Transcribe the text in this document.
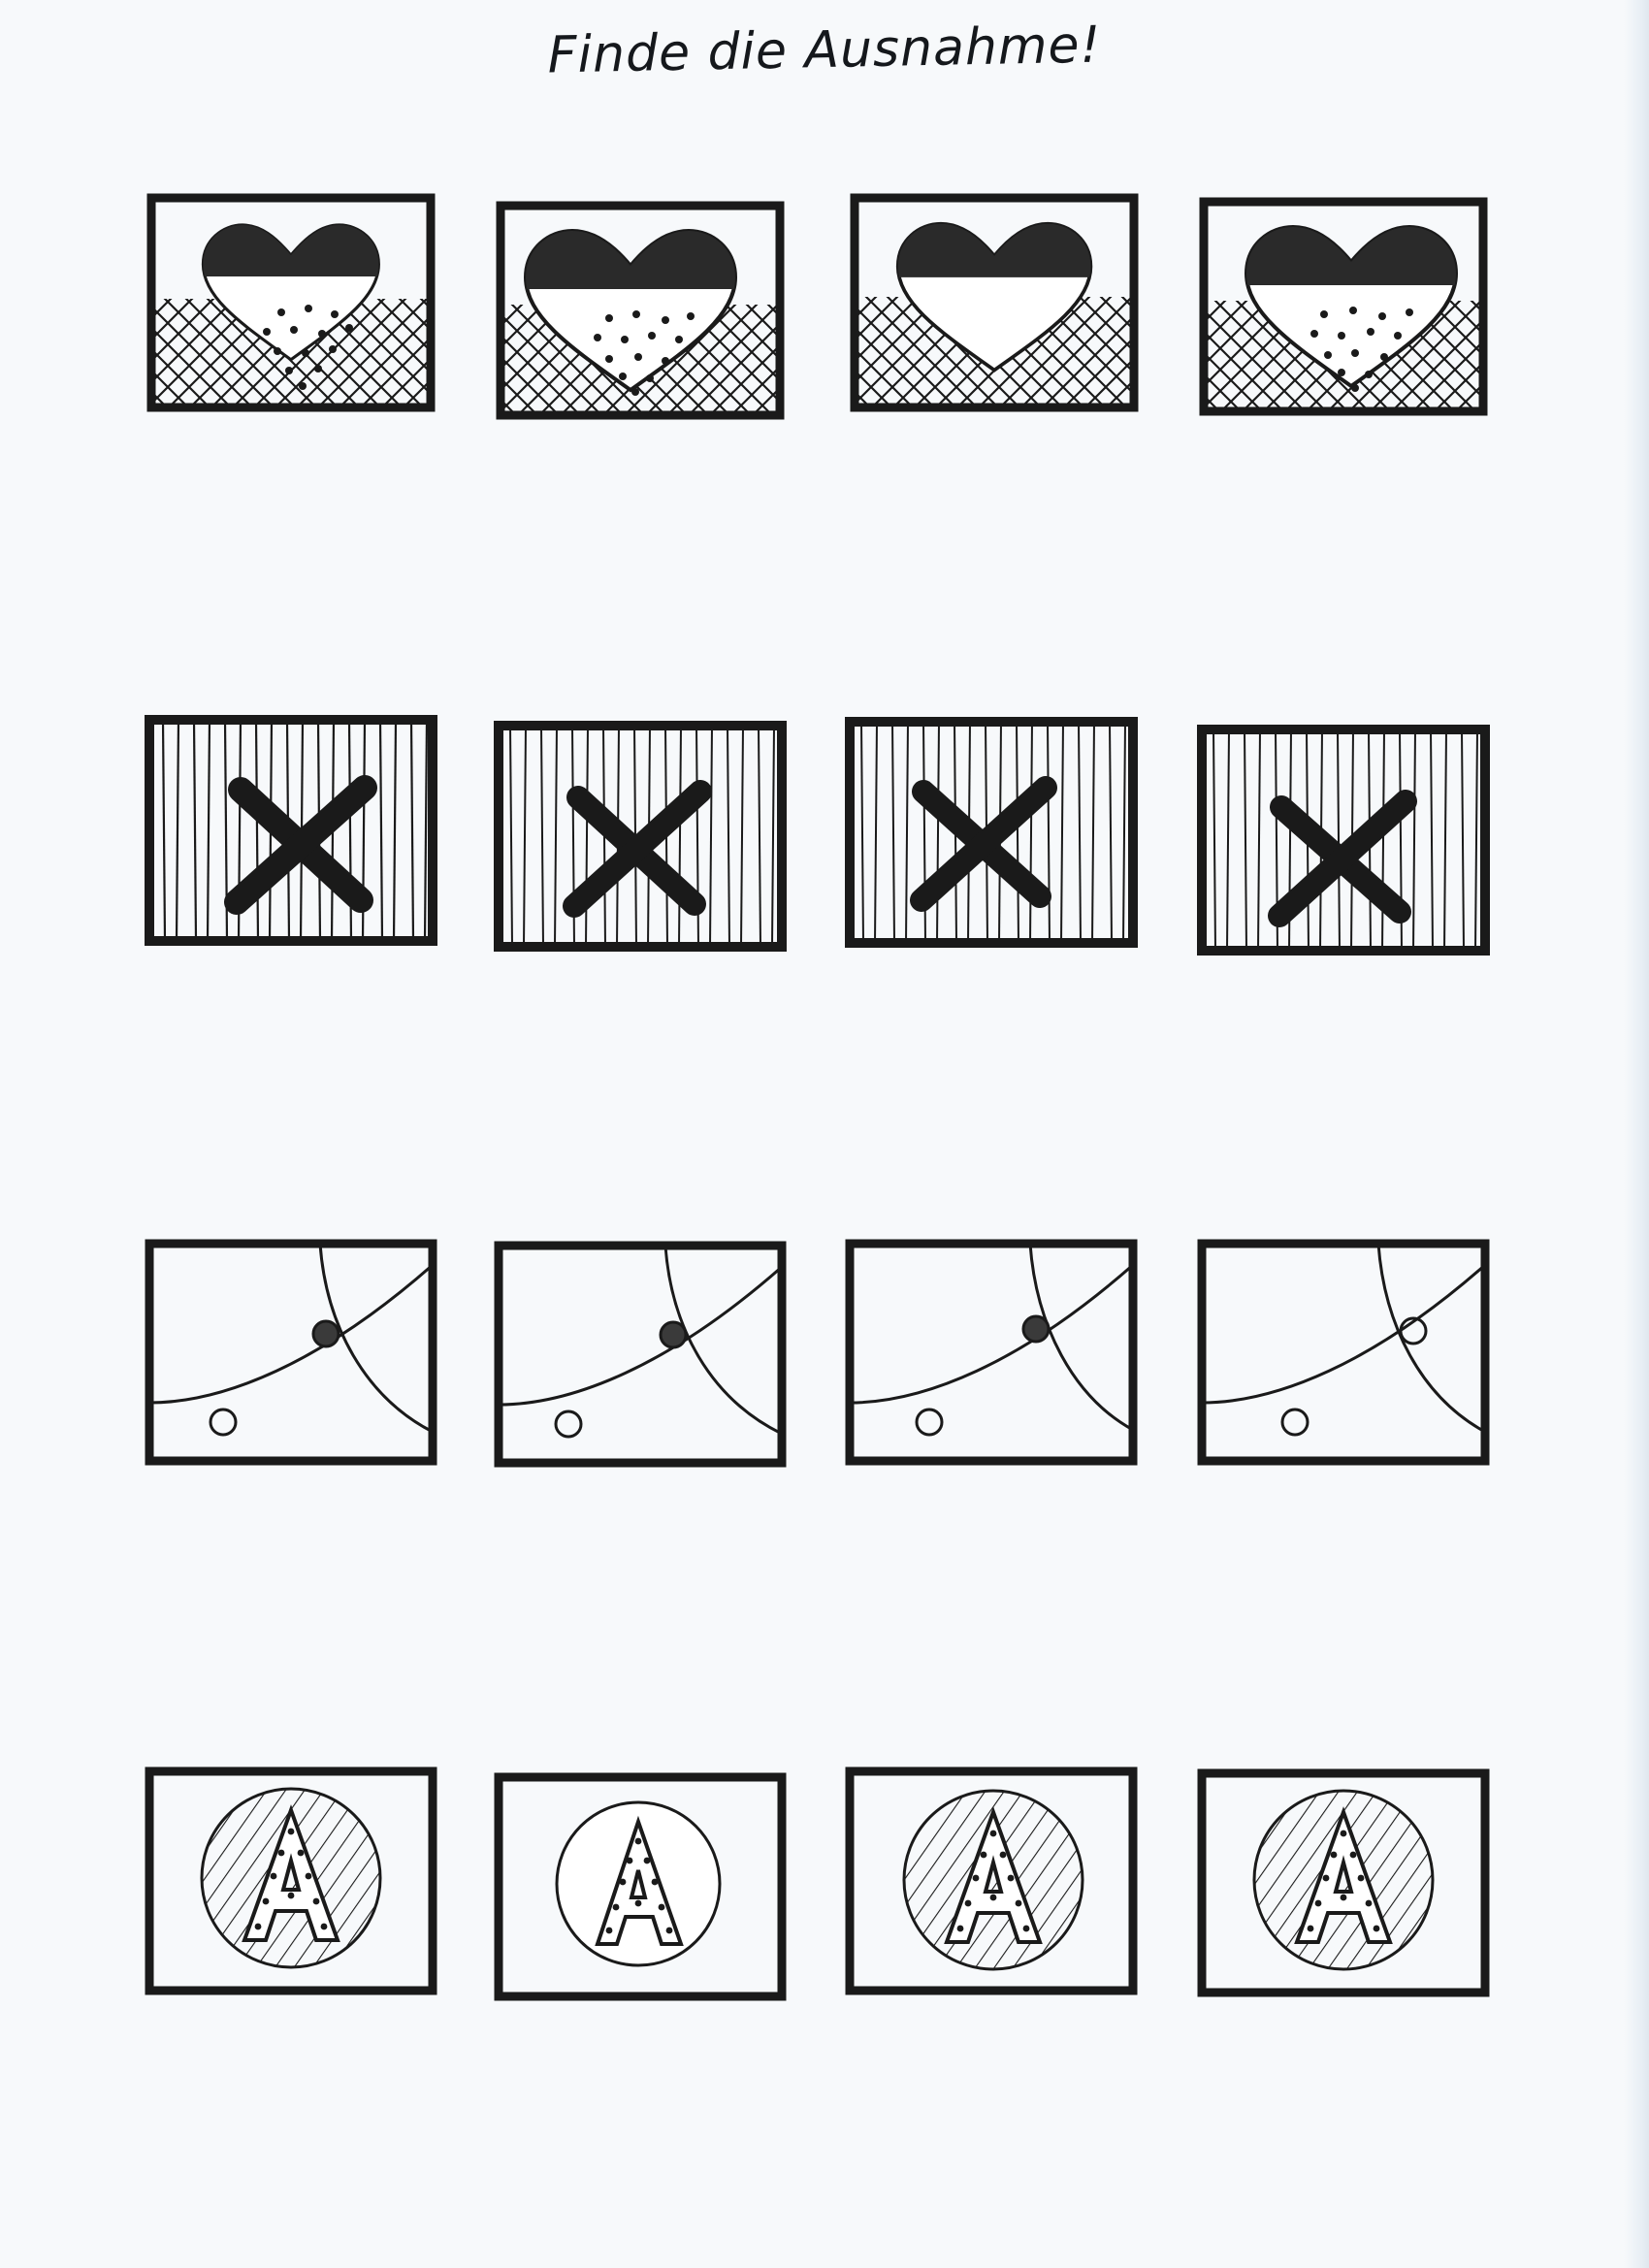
Finde die Ausnahme!
